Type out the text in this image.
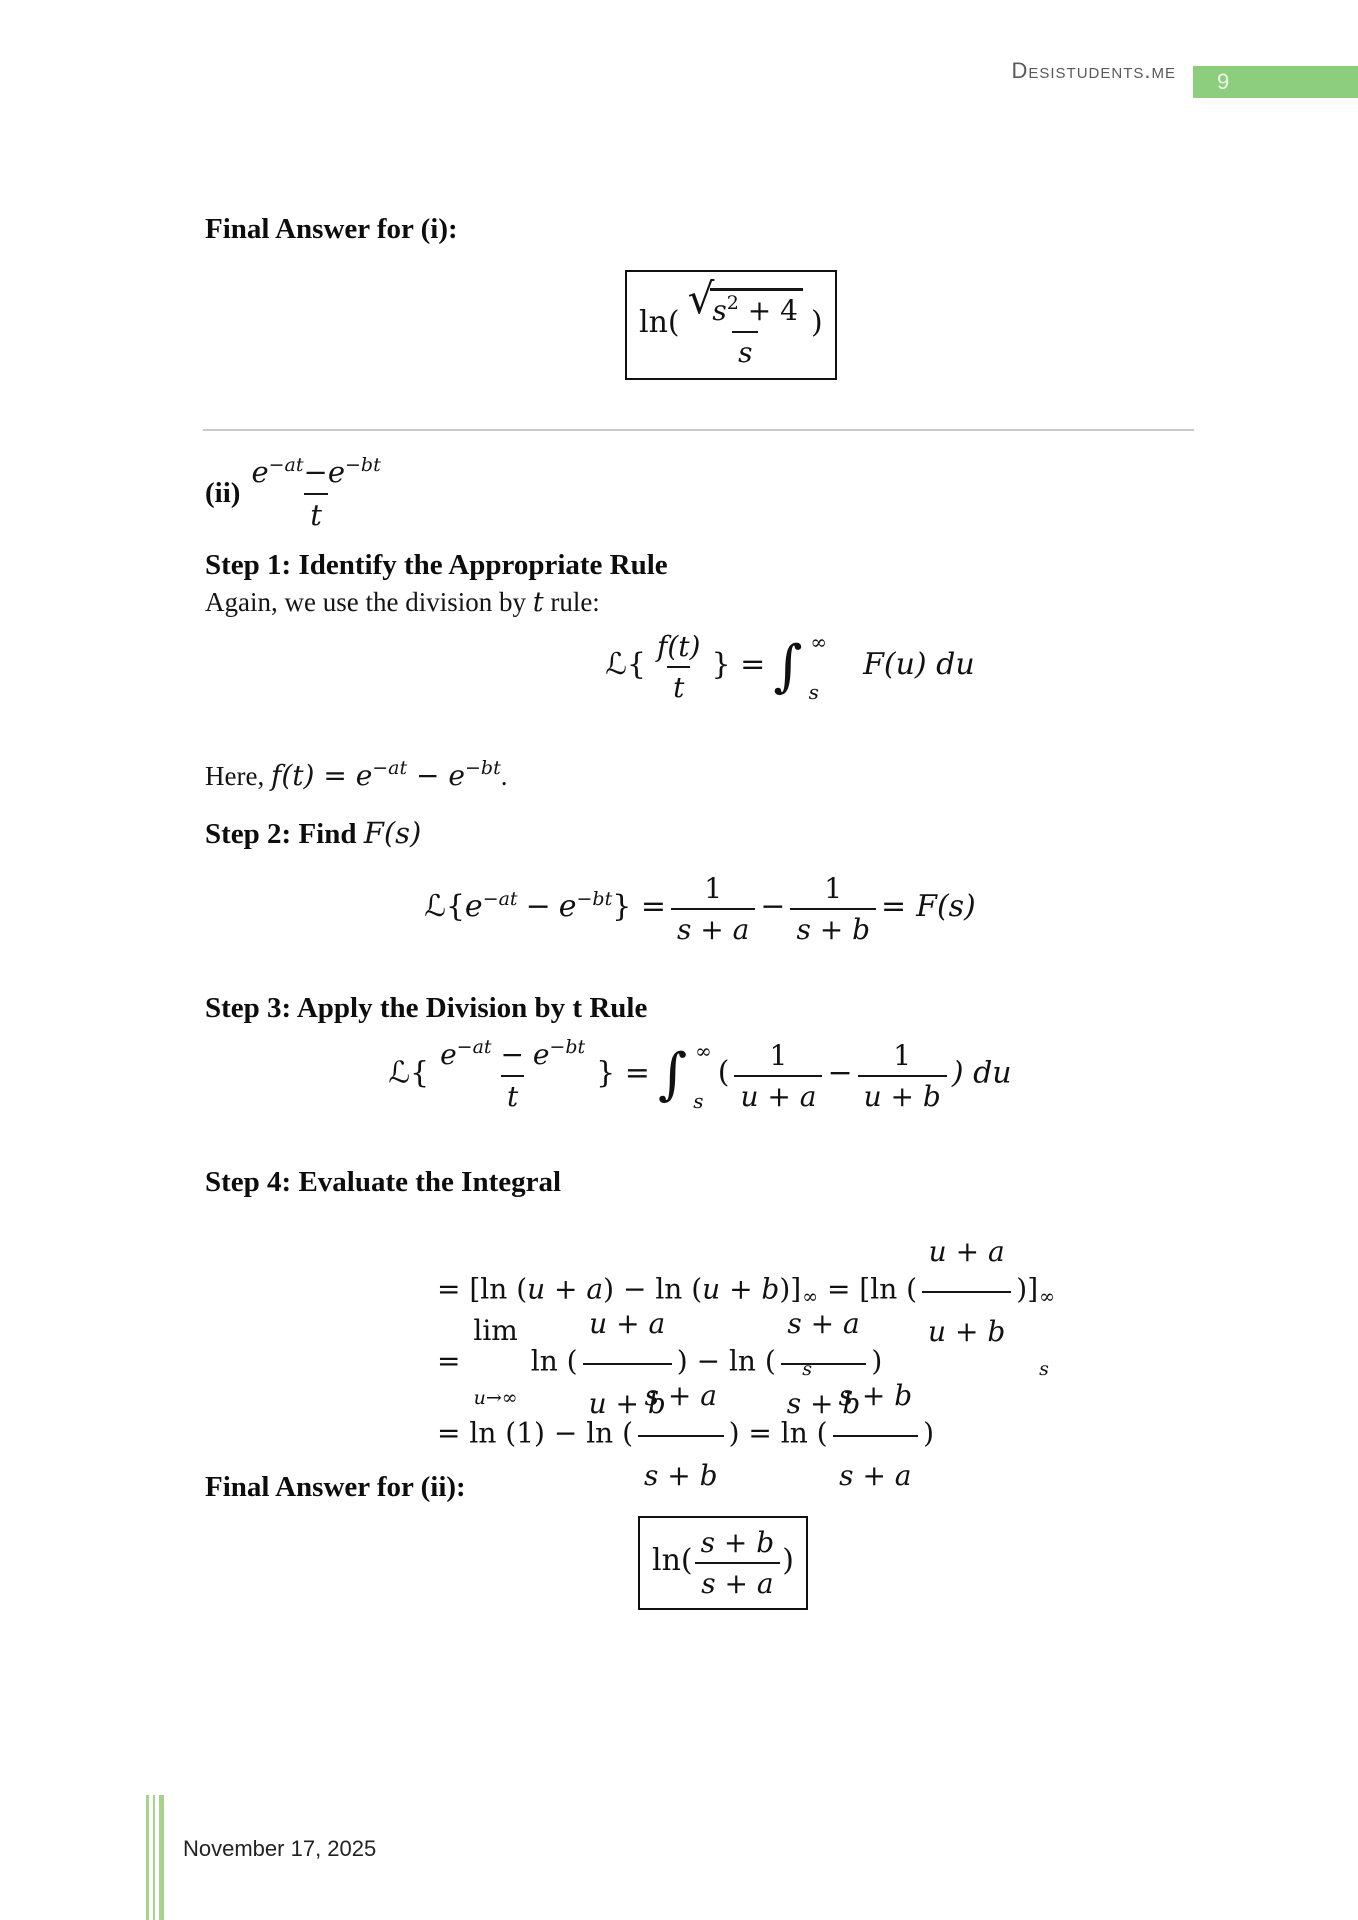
Desistudents.me 9
Final Answer for (i):
ln( √
$s^2 + 4$
s )
$(ii) \frac{e^{-at}-e^{-bt}}{t}$
Step 1: Identify the Appropriate Rule
Again, we use the division by t rule:
ℒ{ $\frac{f(t)}{t}$ } = ∫ ∞
s
F(u) du
Here, $f(t) = e^{-at} - e^{-bt}$.
Step 2: Find F(s)
$ℒ\{e^{-at} - e^{-bt}\} = \frac{1}{s + a} - \frac{1}{s + b} = F(s)$
Step 3: Apply the Division by t Rule
ℒ{ $\frac{e^{-at} - e^{-bt}}{t}$ } = ∫ ∞
s
( $\frac{1}{u + a} - \frac{1}{u + b}$ ) du
Step 4: Evaluate the Integral
= [ln (u + a) − ln (u + b)] ∞
s
= [ln ( $\frac{u + a}{u + b}$ )] ∞
s
=
lim
u→∞
ln ( $\frac{u + a}{u + b}$ ) − ln ( $\frac{s + a}{s + b}$ )
= ln (1) − ln ( $\frac{s + a}{s + b}$ ) = ln ( $\frac{s + b}{s + a}$ )
Final Answer for (ii):
$\ln( \frac{s + b}{s + a}$ )
November 17, 2025
